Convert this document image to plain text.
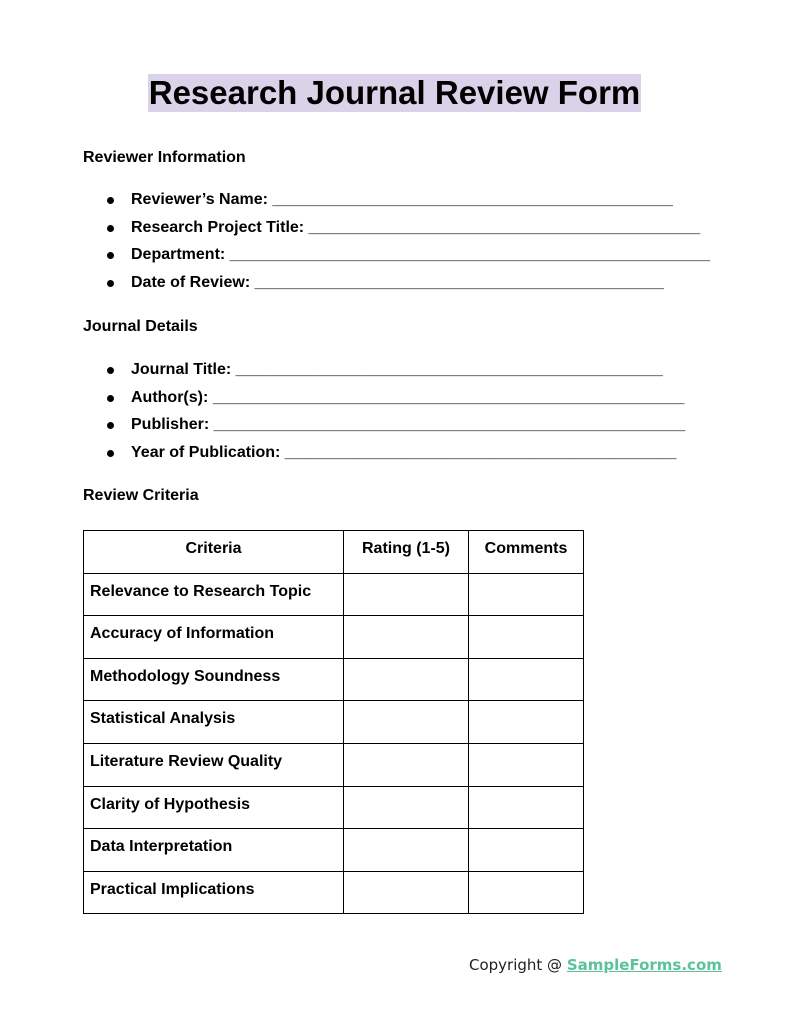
Research Journal Review Form
Reviewer Information
Reviewer’s Name: _____________________________________________
Research Project Title: ____________________________________________
Department: ______________________________________________________
Date of Review: ______________________________________________
Journal Details
Journal Title: ________________________________________________
Author(s): _____________________________________________________
Publisher: _____________________________________________________
Year of Publication: ____________________________________________
Review Criteria
Criteria	Rating (1-5)	Comments
Relevance to Research Topic		
Accuracy of Information		
Methodology Soundness		
Statistical Analysis		
Literature Review Quality		
Clarity of Hypothesis		
Data Interpretation		
Practical Implications		
Copyright @ SampleForms.com
